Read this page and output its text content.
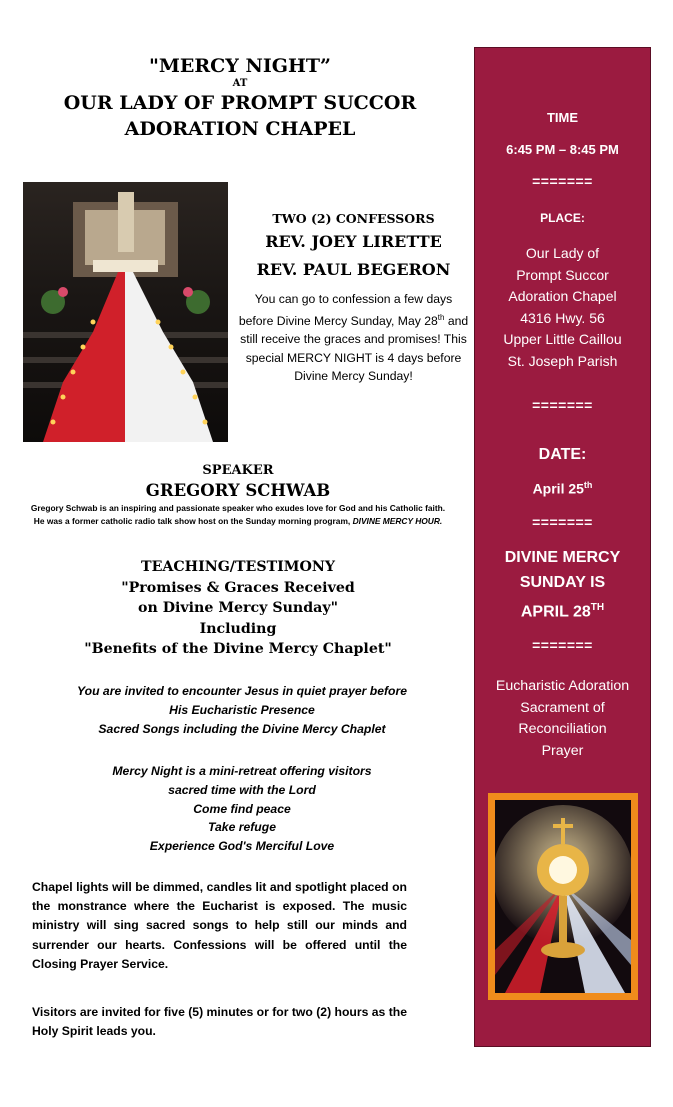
"MERCY NIGHT”
AT
OUR LADY OF PROMPT SUCCOR
ADORATION CHAPEL
TWO (2) CONFESSORS
REV. JOEY LIRETTE
REV. PAUL BEGERON
You can go to confession a few days before Divine Mercy Sunday, May 28th and still receive the graces and promises! This special MERCY NIGHT is 4 days before Divine Mercy Sunday!
SPEAKER
GREGORY SCHWAB
Gregory Schwab is an inspiring and passionate speaker who exudes love for God and his Catholic faith. He was a former catholic radio talk show host on the Sunday morning program, DIVINE MERCY HOUR.
TEACHING/TESTIMONY
"Promises & Graces Received
on Divine Mercy Sunday"
Including
"Benefits of the Divine Mercy Chaplet"
You are invited to encounter Jesus in quiet prayer before
His Eucharistic Presence
Sacred Songs including the Divine Mercy Chaplet
Mercy Night is a mini-retreat offering visitors
sacred time with the Lord
Come find peace
Take refuge
Experience God's Merciful Love
Chapel lights will be dimmed, candles lit and spotlight placed on the monstrance where the Eucharist is exposed. The music ministry will sing sacred songs to help still our minds and surrender our hearts. Confessions will be offered until the Closing Prayer Service.
Visitors are invited for five (5) minutes or for two (2) hours as the Holy Spirit leads you.
TIME
6:45 PM – 8:45 PM
=======
PLACE:
Our Lady of
Prompt Succor
Adoration Chapel
4316 Hwy. 56
Upper Little Caillou
St. Joseph Parish
=======
DATE:
April 25th
=======
DIVINE MERCY
SUNDAY IS
APRIL 28TH
=======
Eucharistic Adoration
Sacrament of
Reconciliation
Prayer
